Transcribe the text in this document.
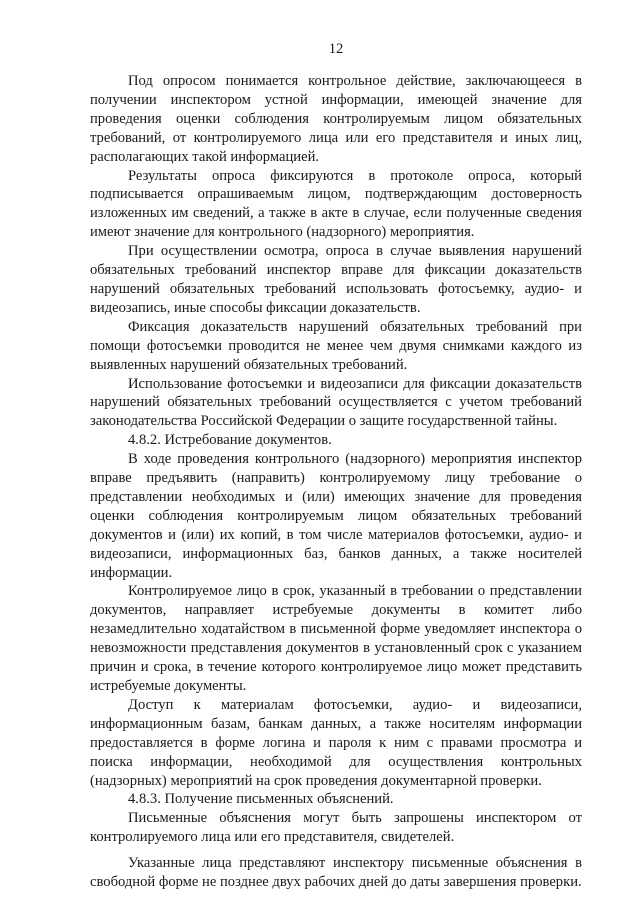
12

Под опросом понимается контрольное действие, заключающееся в получении инспектором устной информации, имеющей значение для проведения оценки соблюдения контролируемым лицом обязательных требований, от контролируемого лица или его представителя и иных лиц, располагающих такой информацией.

Результаты опроса фиксируются в протоколе опроса, который подписывается опрашиваемым лицом, подтверждающим достоверность изложенных им сведений, а также в акте в случае, если полученные сведения имеют значение для контрольного (надзорного) мероприятия.

При осуществлении осмотра, опроса в случае выявления нарушений обязательных требований инспектор вправе для фиксации доказательств нарушений обязательных требований использовать фотосъемку, аудио- и видеозапись, иные способы фиксации доказательств.

Фиксация доказательств нарушений обязательных требований при помощи фотосъемки проводится не менее чем двумя снимками каждого из выявленных нарушений обязательных требований.

Использование фотосъемки и видеозаписи для фиксации доказательств нарушений обязательных требований осуществляется с учетом требований законодательства Российской Федерации о защите государственной тайны.

4.8.2. Истребование документов.

В ходе проведения контрольного (надзорного) мероприятия инспектор вправе предъявить (направить) контролируемому лицу требование о представлении необходимых и (или) имеющих значение для проведения оценки соблюдения контролируемым лицом обязательных требований документов и (или) их копий, в том числе материалов фотосъемки, аудио- и видеозаписи, информационных баз, банков данных, а также носителей информации.

Контролируемое лицо в срок, указанный в требовании о представлении документов, направляет истребуемые документы в комитет либо незамедлительно ходатайством в письменной форме уведомляет инспектора о невозможности представления документов в установленный срок с указанием причин и срока, в течение которого контролируемое лицо может представить истребуемые документы.

Доступ к материалам фотосъемки, аудио- и видеозаписи, информационным базам, банкам данных, а также носителям информации предоставляется в форме логина и пароля к ним с правами просмотра и поиска информации, необходимой для осуществления контрольных (надзорных) мероприятий на срок проведения документарной проверки.

4.8.3. Получение письменных объяснений.

Письменные объяснения могут быть запрошены инспектором от контролируемого лица или его представителя, свидетелей.

Указанные лица представляют инспектору письменные объяснения в свободной форме не позднее двух рабочих дней до даты завершения проверки.
